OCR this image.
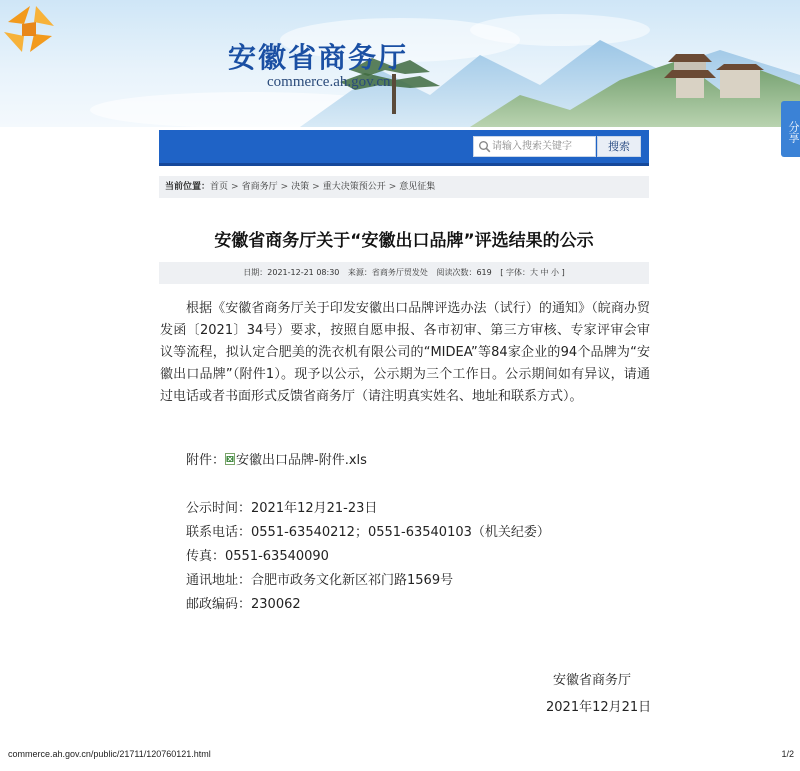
安徽省商务厅
commerce.ah.gov.cn
分享
请输入搜索关键字
搜索
当前位置：首页 > 省商务厅 > 决策 > 重大决策预公开 > 意见征集
安徽省商务厅关于“安徽出口品牌”评选结果的公示
日期：2021-12-21 08:30 来源：省商务厅贸发处 阅读次数：619 [ 字体：大 中 小 ]
根据《安徽省商务厅关于印发安徽出口品牌评选办法（试行）的通知》（皖商办贸发函〔2021〕34号）要求，按照自愿申报、各市初审、第三方审核、专家评审会审议等流程，拟认定合肥美的洗衣机有限公司的“MIDEA”等84家企业的94个品牌为“安徽出口品牌”（附件1）。现予以公示，公示期为三个工作日。公示期间如有异议，请通过电话或者书面形式反馈省商务厅（请注明真实姓名、地址和联系方式）。
附件： 安徽出口品牌-附件.xls
公示时间：2021年12月21-23日
联系电话：0551-63540212；0551-63540103（机关纪委）
传真：0551-63540090
通讯地址：合肥市政务文化新区祁门路1569号
邮政编码：230062
安徽省商务厅
2021年12月21日
commerce.ah.gov.cn/public/21711/120760121.html	1/2
